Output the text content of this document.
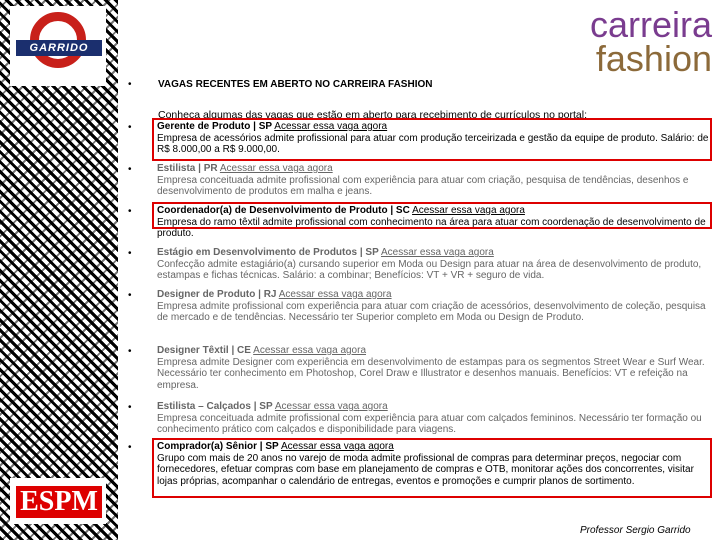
GARRIDO
ESPM
carreira
fashion
•	VAGAS RECENTES EM ABERTO NO CARREIRA FASHION
Conheça algumas das vagas que estão em aberto para recebimento de currículos no portal:
•	Gerente de Produto | SP Acessar essa vaga agora
Empresa de acessórios admite profissional para atuar com produção terceirizada e gestão da equipe de produto. Salário: de R$ 8.000,00 a R$ 9.000,00.
•	Estilista | PR Acessar essa vaga agora
Empresa conceituada admite profissional com experiência para atuar com criação, pesquisa de tendências, desenhos e desenvolvimento de produtos em malha e jeans.
•	Coordenador(a) de Desenvolvimento de Produto | SC Acessar essa vaga agora
Empresa do ramo têxtil admite profissional com conhecimento na área para atuar com coordenação de desenvolvimento de produto.
•	Estágio em Desenvolvimento de Produtos | SP Acessar essa vaga agora
Confecção admite estagiário(a) cursando superior em Moda ou Design para atuar na área de desenvolvimento de produto, estampas e fichas técnicas. Salário: a combinar; Benefícios: VT + VR + seguro de vida.
•	Designer de Produto | RJ Acessar essa vaga agora
Empresa admite profissional com experiência para atuar com criação de acessórios, desenvolvimento de coleção, pesquisa de mercado e de tendências. Necessário ter Superior completo em Moda ou Design de Produto.
•	Designer Têxtil | CE Acessar essa vaga agora
Empresa admite Designer com experiência em desenvolvimento de estampas para os segmentos Street Wear e Surf Wear. Necessário ter conhecimento em Photoshop, Corel Draw e Illustrator e desenhos manuais. Benefícios: VT e refeição na empresa.
•	Estilista – Calçados | SP Acessar essa vaga agora
Empresa conceituada admite profissional com experiência para atuar com calçados femininos. Necessário ter formação ou conhecimento prático com calçados e disponibilidade para viagens.
•	Comprador(a) Sênior | SP Acessar essa vaga agora
Grupo com mais de 20 anos no varejo de moda admite profissional de compras para determinar preços, negociar com fornecedores, efetuar compras com base em planejamento de compras e OTB, monitorar ações dos concorrentes, visitar lojas próprias, acompanhar o calendário de entregas, eventos e promoções e cumprir planos de sortimento.
Professor Sergio Garrido
